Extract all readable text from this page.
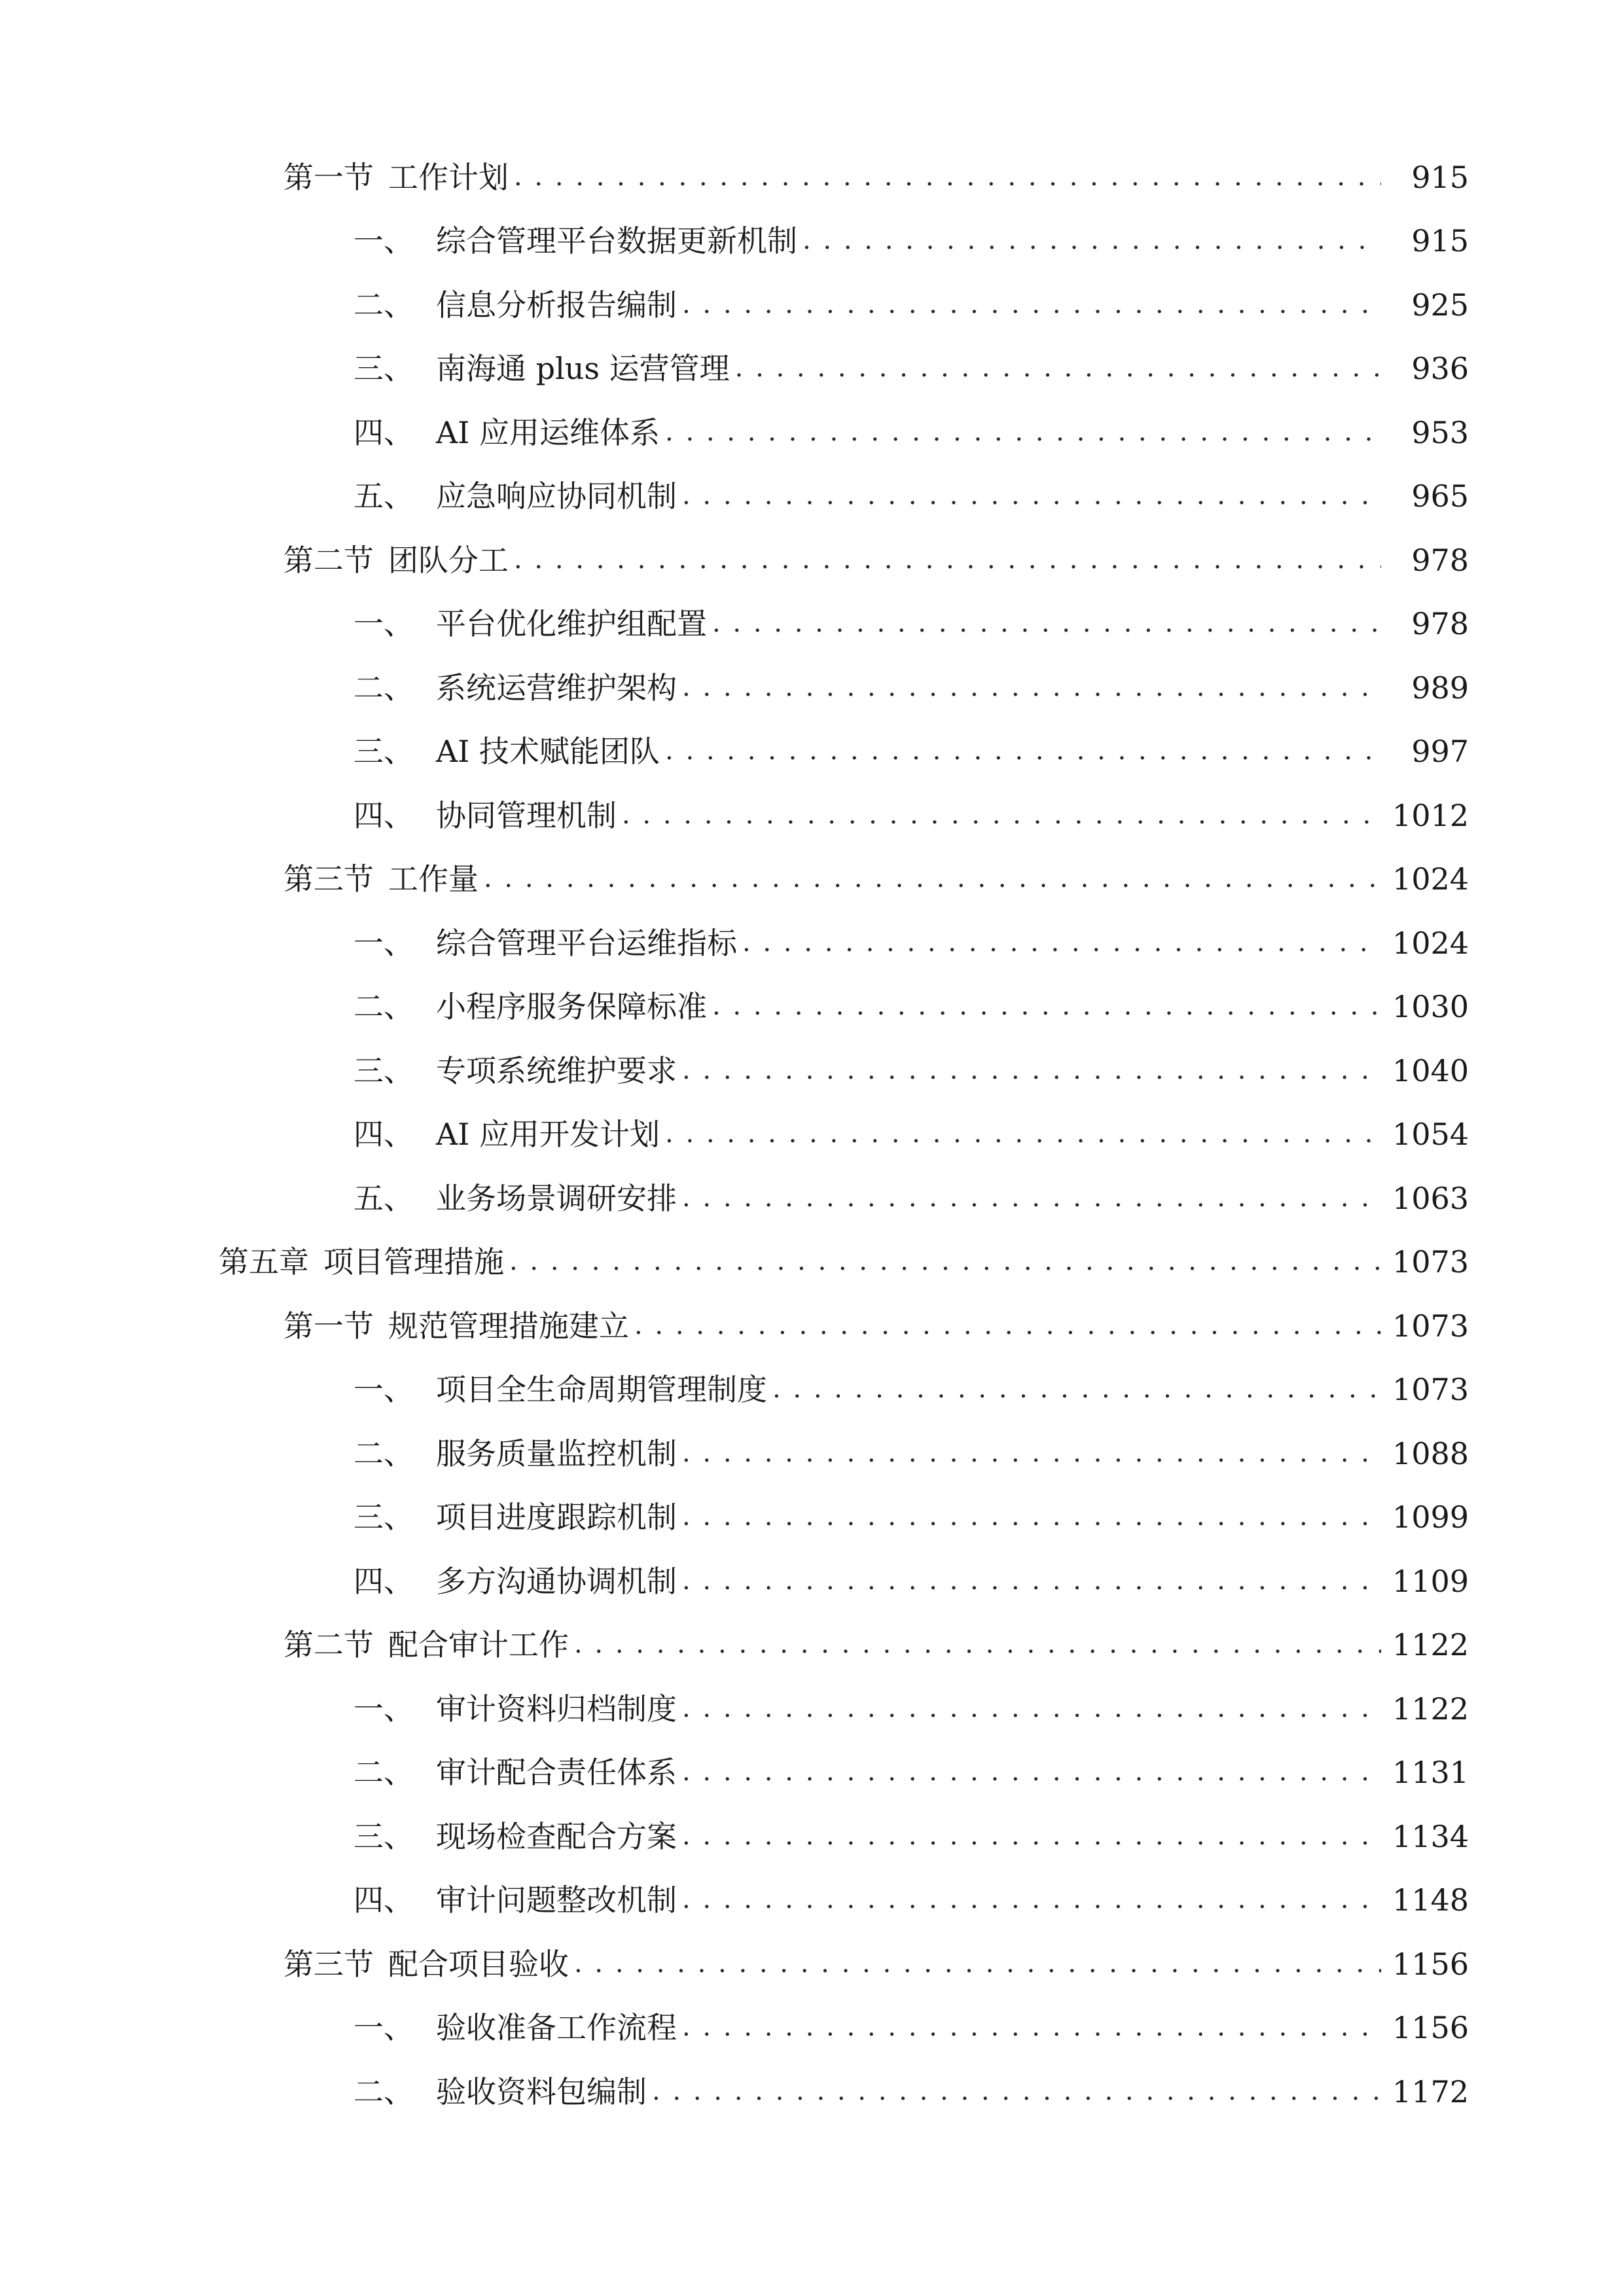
第一节 工作计划 . . .	915
一、 综合管理平台数据更新机制 . . .	915
二、 信息分析报告编制 . . .	925
三、 南海通 plus 运营管理 . . .	936
四、 AI 应用运维体系 . . .	953
五、 应急响应协同机制 . . .	965
第二节 团队分工 . . .	978
一、 平台优化维护组配置 . . .	978
二、 系统运营维护架构 . . .	989
三、 AI 技术赋能团队 . . .	997
四、 协同管理机制 . . .	1012
第三节 工作量 . . .	1024
一、 综合管理平台运维指标 . . .	1024
二、 小程序服务保障标准 . . .	1030
三、 专项系统维护要求 . . .	1040
四、 AI 应用开发计划 . . .	1054
五、 业务场景调研安排 . . .	1063
第五章 项目管理措施 . . .	1073
第一节 规范管理措施建立 . . .	1073
一、 项目全生命周期管理制度 . . .	1073
二、 服务质量监控机制 . . .	1088
三、 项目进度跟踪机制 . . .	1099
四、 多方沟通协调机制 . . .	1109
第二节 配合审计工作 . . .	1122
一、 审计资料归档制度 . . .	1122
二、 审计配合责任体系 . . .	1131
三、 现场检查配合方案 . . .	1134
四、 审计问题整改机制 . . .	1148
第三节 配合项目验收 . . .	1156
一、 验收准备工作流程 . . .	1156
二、 验收资料包编制 . . .	1172
